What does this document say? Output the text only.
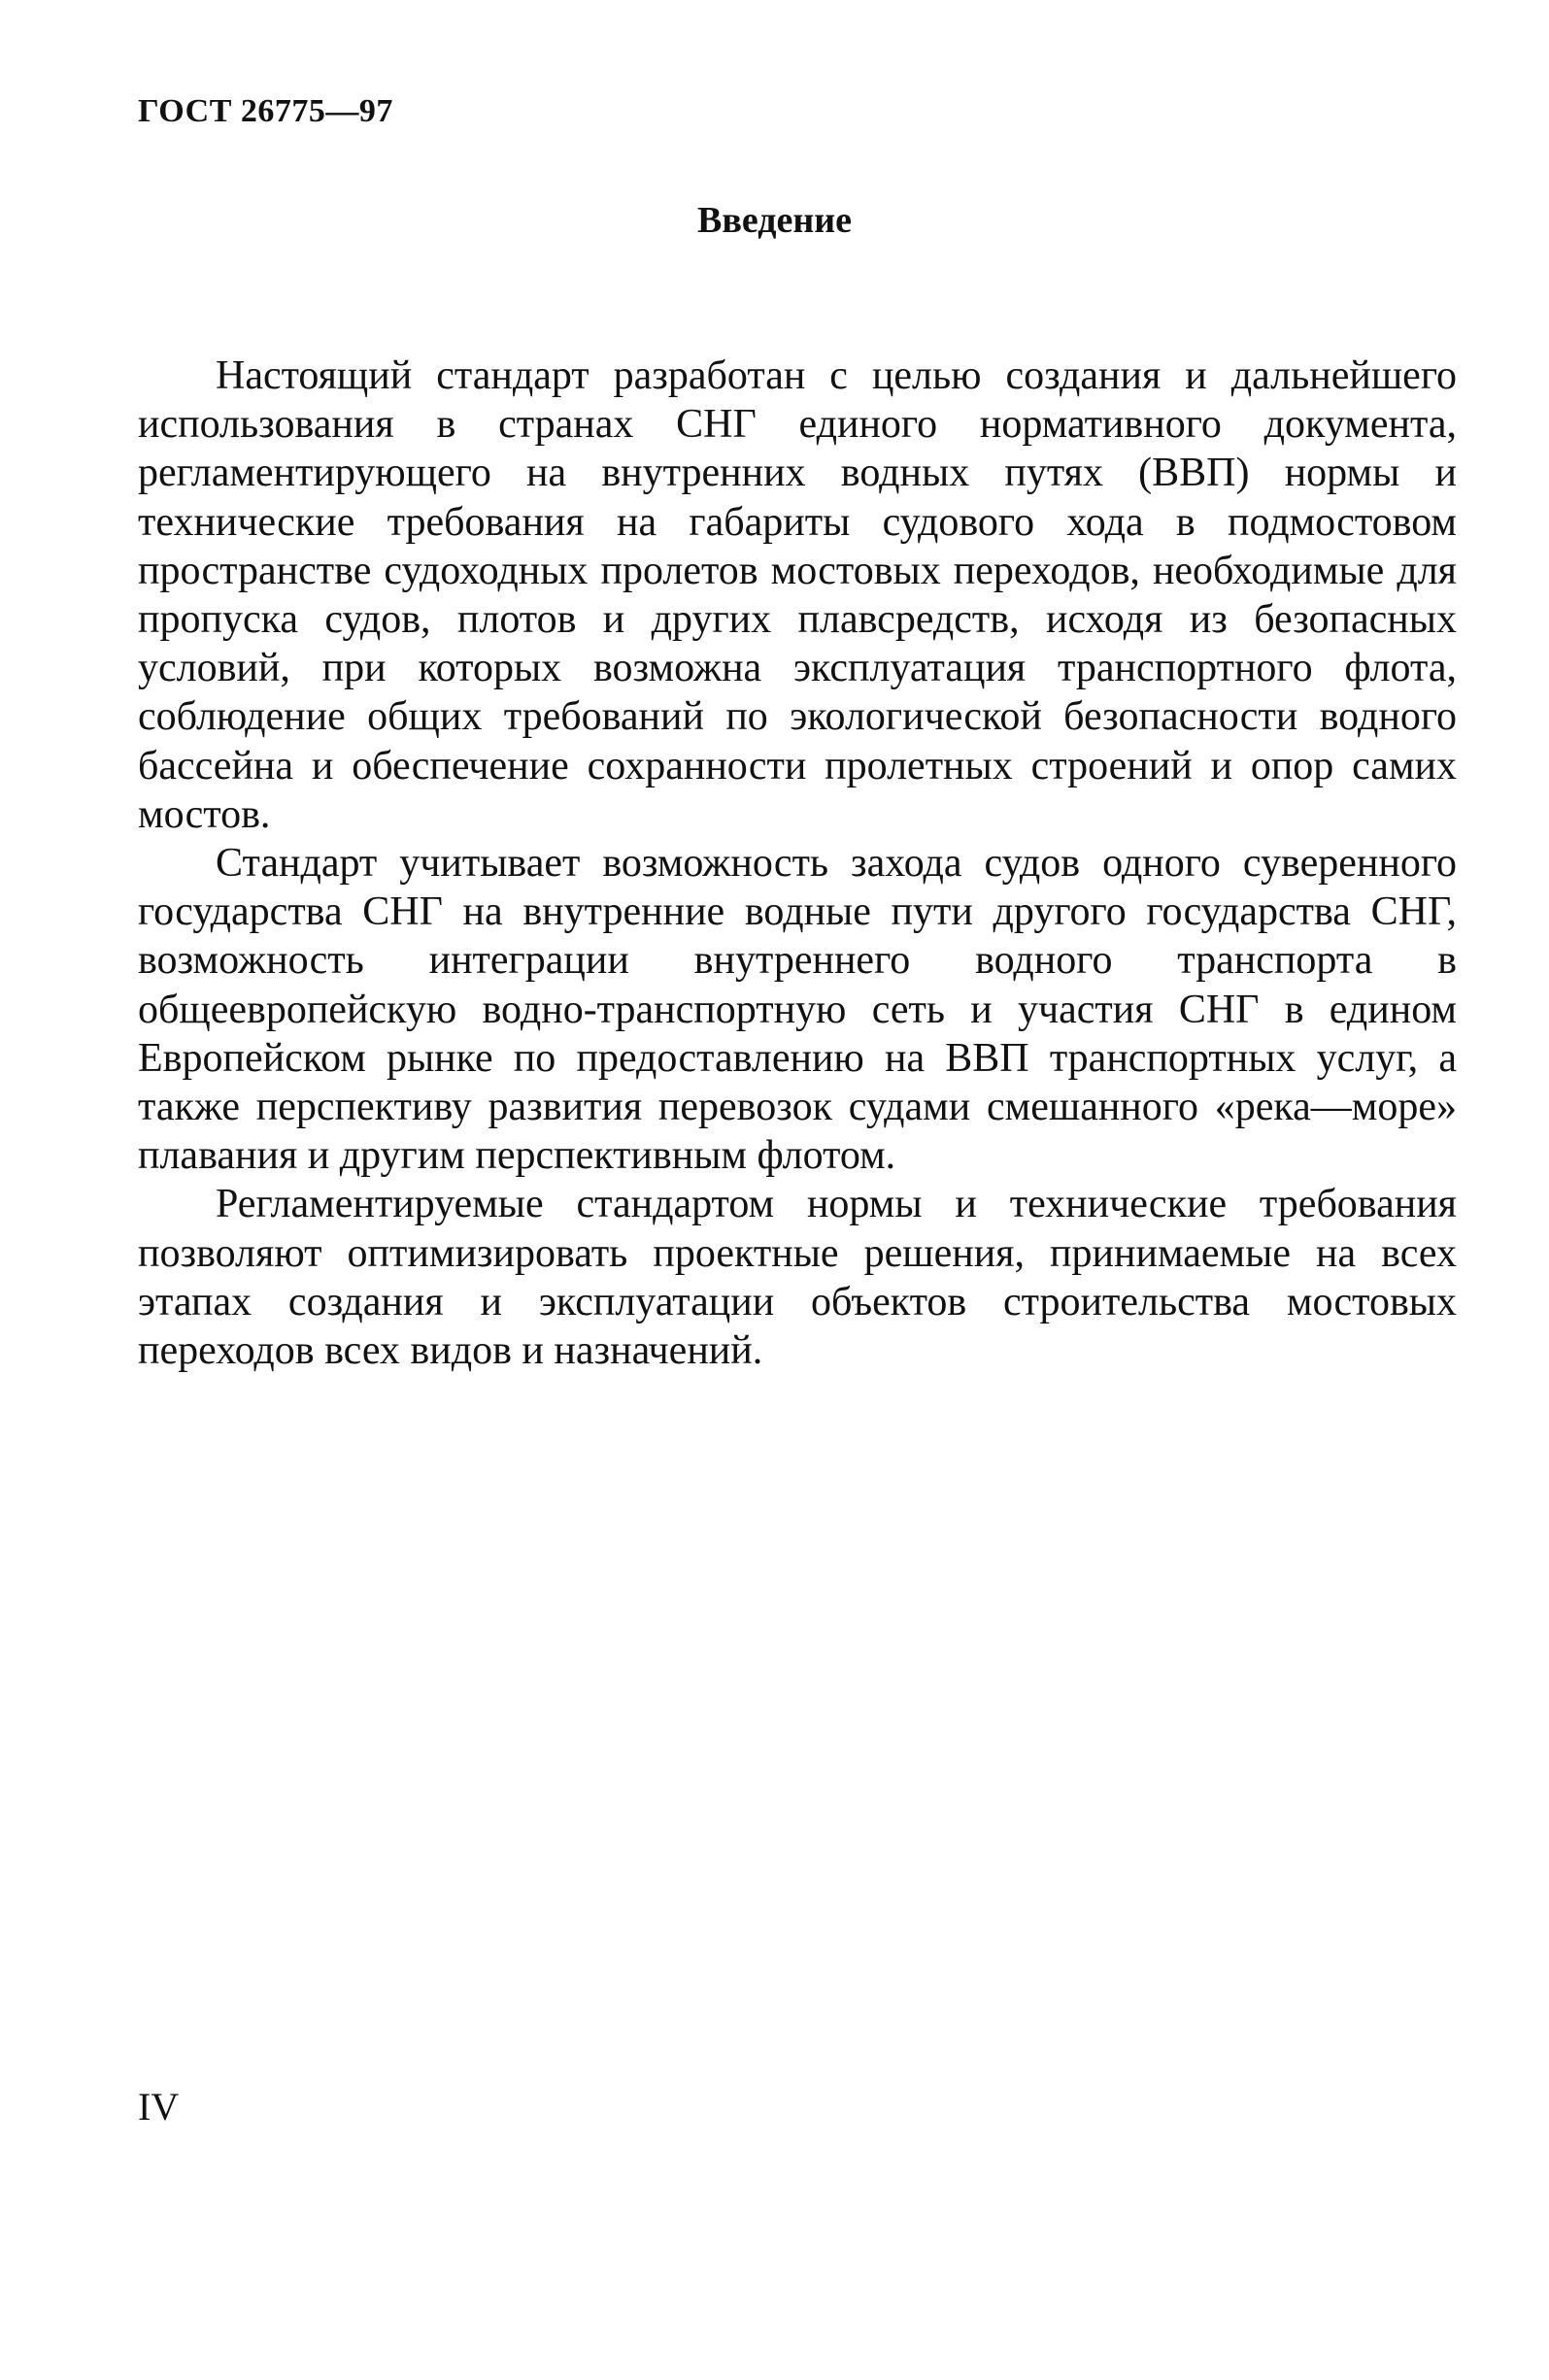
ГОСТ 26775—97
Введение

Настоящий стандарт разработан с целью создания и дальнейшего использования в странах СНГ единого нормативного документа, регламентирующего на внутренних водных путях (ВВП) нормы и технические требования на габариты судового хода в подмостовом пространстве судоходных пролетов мостовых переходов, необходимые для пропуска судов, плотов и других плавсредств, исходя из безопасных условий, при которых возможна эксплуатация транспортного флота, соблюдение общих требований по экологической безопасности водного бассейна и обеспечение сохранности пролетных строений и опор самих мостов.

Стандарт учитывает возможность захода судов одного суверенного государства СНГ на внутренние водные пути другого государства СНГ, возможность интеграции внутреннего водного транспорта в общеевропейскую водно-транспортную сеть и участия СНГ в едином Европейском рынке по предоставлению на ВВП транспортных услуг, а также перспективу развития перевозок судами смешанного «река—море» плавания и другим перспективным флотом.

Регламентируемые стандартом нормы и технические требования позволяют оптимизировать проектные решения, принимаемые на всех этапах создания и эксплуатации объектов строительства мостовых переходов всех видов и назначений.

IV
